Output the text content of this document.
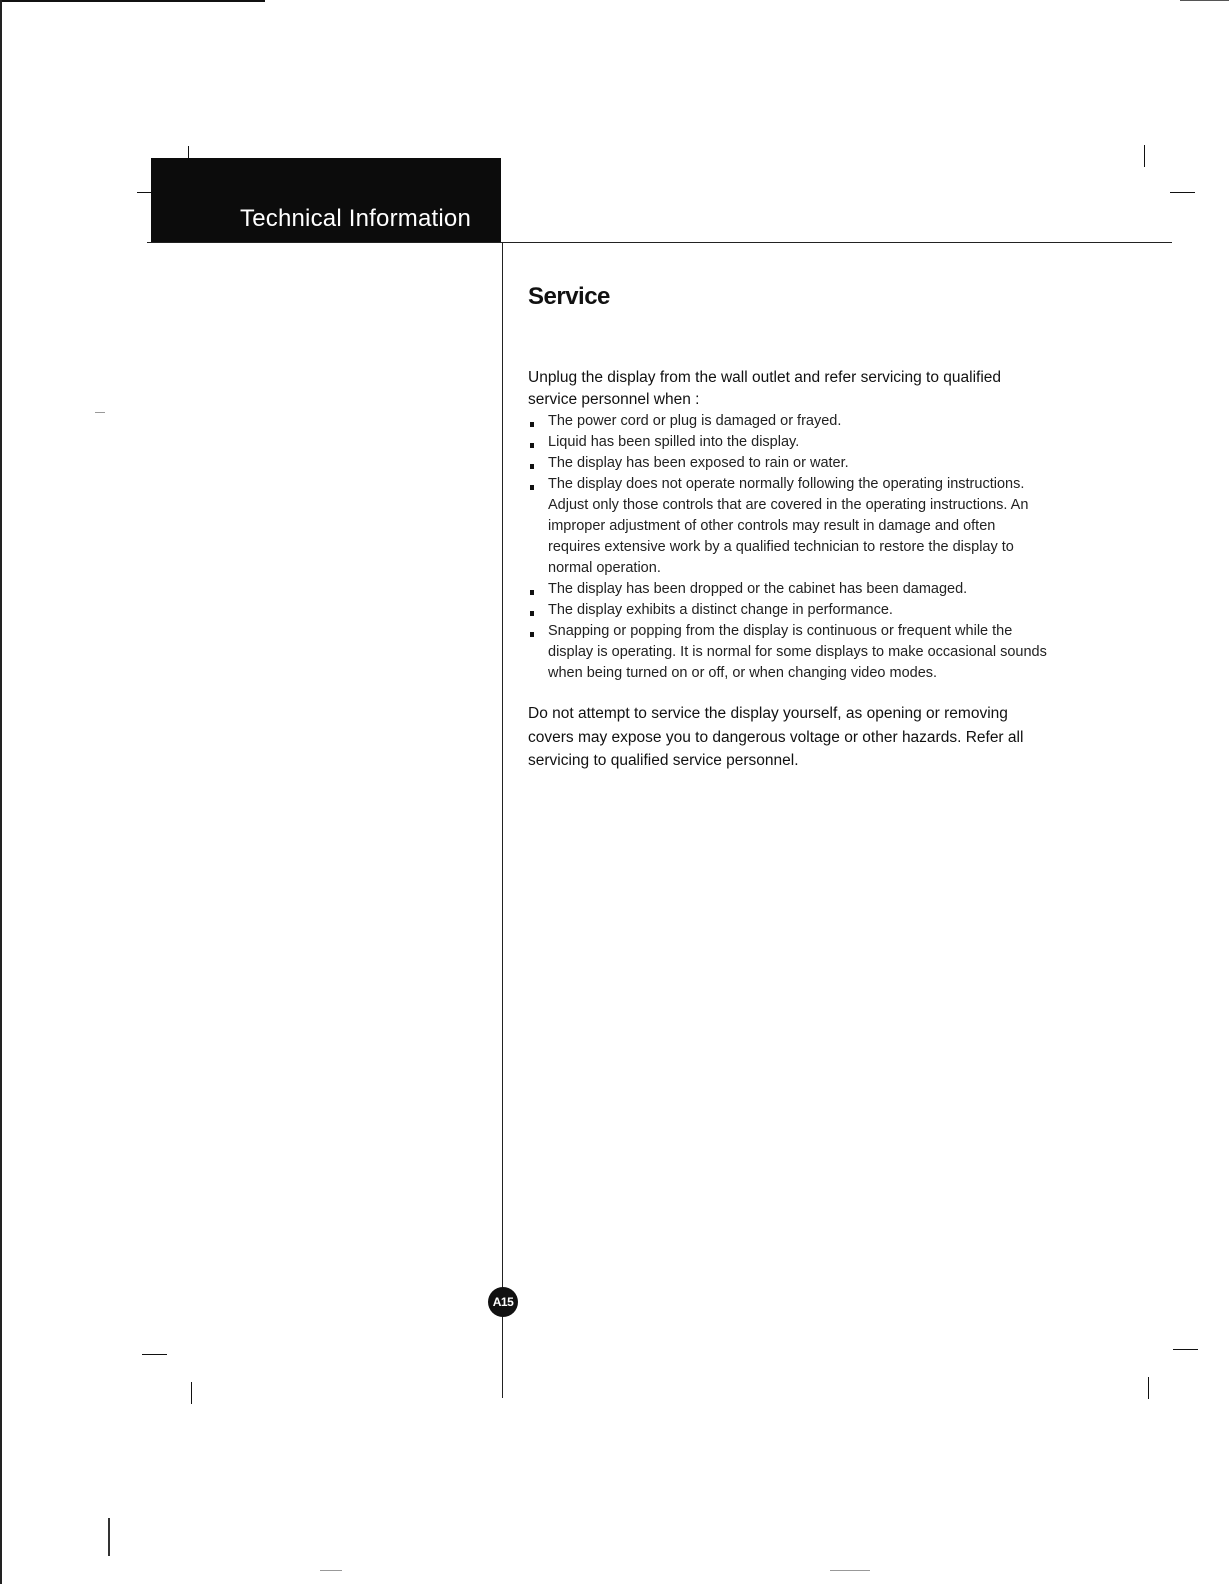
Technical Information
Service

Unplug the display from the wall outlet and refer servicing to qualified service personnel when :

The power cord or plug is damaged or frayed.
Liquid has been spilled into the display.
The display has been exposed to rain or water.
The display does not operate normally following the operating instructions. Adjust only those controls that are covered in the operating instructions. An improper adjustment of other controls may result in damage and often requires extensive work by a qualified technician to restore the display to normal operation.
The display has been dropped or the cabinet has been damaged.
The display exhibits a distinct change in performance.
Snapping or popping from the display is continuous or frequent while the display is operating. It is normal for some displays to make occasional sounds when being turned on or off, or when changing video modes.

Do not attempt to service the display yourself, as opening or removing covers may expose you to dangerous voltage or other hazards. Refer all servicing to qualified service personnel.

A15
